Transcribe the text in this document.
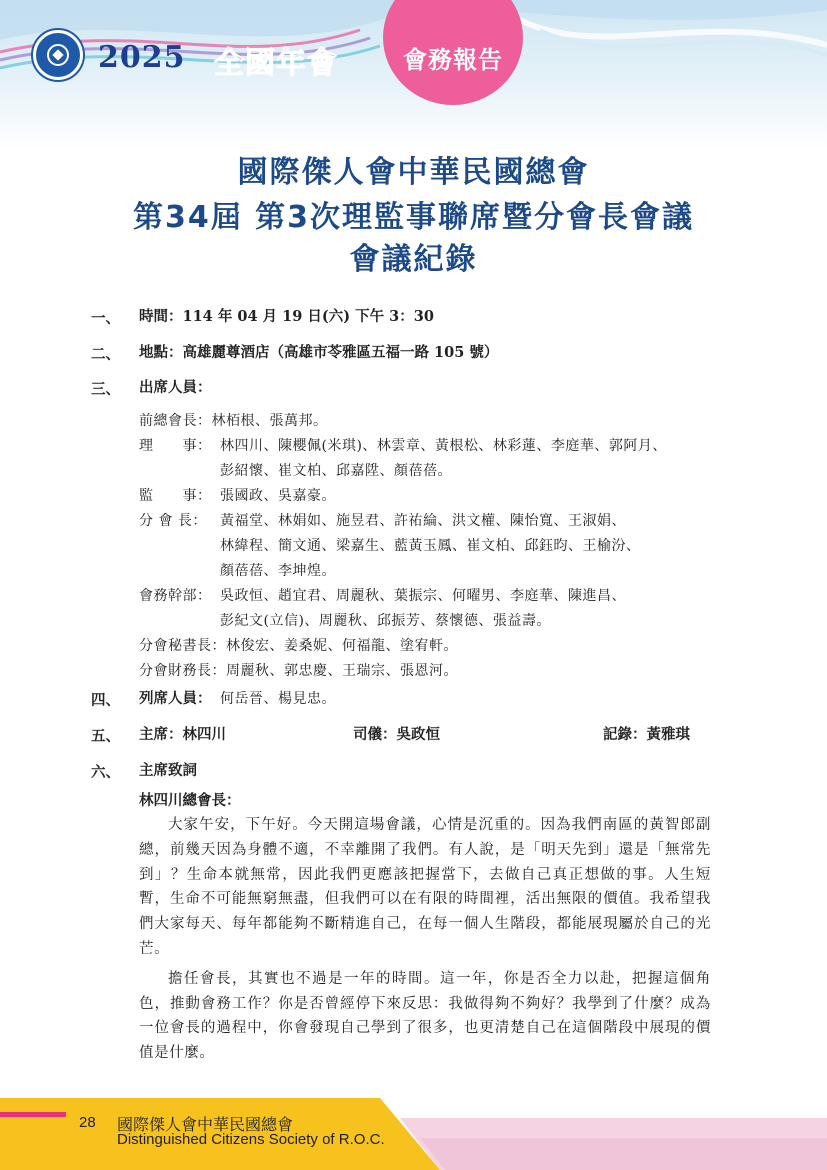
2025 全國年會	會務報告
國際傑人會中華民國總會
第34屆 第3次理監事聯席暨分會長會議
會議紀錄
一、 時間：114 年 04 月 19 日(六) 下午 3：30
二、 地點：高雄麗尊酒店（高雄市苓雅區五福一路 105 號）
三、 出席人員：
前總會長：林栢根、張萬邦。
理　　事： 林四川、陳櫻佩(米琪)、林雲章、黃根松、林彩蓮、李庭華、郭阿月、
彭紹懷、崔文柏、邱嘉陞、顏蓓蓓。
監　　事： 張國政、吳嘉豪。
分 會 長： 黃福堂、林娟如、施昱君、許祐綸、洪文權、陳怡寬、王淑娟、
林緯程、簡文通、梁嘉生、藍黃玉鳳、崔文柏、邱鈺昀、王榆汾、
顏蓓蓓、李坤煌。
會務幹部： 吳政恒、趙宜君、周麗秋、葉振宗、何曜男、李庭華、陳進昌、
彭紀文(立信)、周麗秋、邱振芳、蔡懷德、張益壽。
分會秘書長：林俊宏、姜桑妮、何福龍、塗宥軒。
分會財務長：周麗秋、郭忠慶、王瑞宗、張恩河。
四、 列席人員： 何岳晉、楊見忠。
五、 主席：林四川	司儀：吳政恒	記錄：黃雅琪
六、 主席致詞
林四川總會長：

大家午安，下午好。今天開這場會議，心情是沉重的。因為我們南區的黃智郎副總，前幾天因為身體不適，不幸離開了我們。有人說，是「明天先到」還是「無常先到」？生命本就無常，因此我們更應該把握當下，去做自己真正想做的事。人生短暫，生命不可能無窮無盡，但我們可以在有限的時間裡，活出無限的價值。我希望我們大家每天、每年都能夠不斷精進自己，在每一個人生階段，都能展現屬於自己的光芒。

擔任會長，其實也不過是一年的時間。這一年，你是否全力以赴，把握這個角色，推動會務工作？你是否曾經停下來反思：我做得夠不夠好？我學到了什麼？成為一位會長的過程中，你會發現自己學到了很多，也更清楚自己在這個階段中展現的價值是什麼。

28 國際傑人會中華民國總會
Distinguished Citizens Society of R.O.C.
